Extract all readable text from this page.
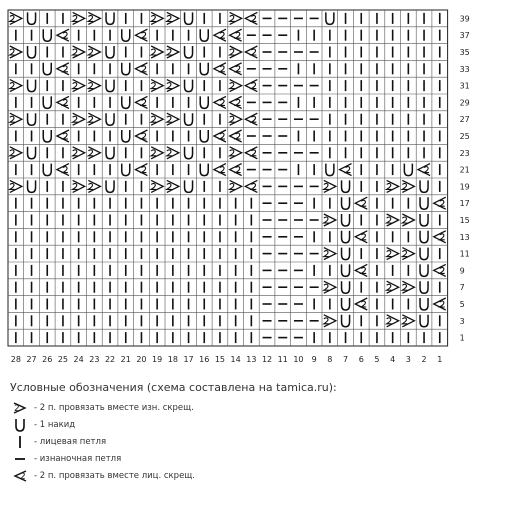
39
37
35
33
31
29
27
25
23
21
19
17
15
13
11
9
7
5
3
1
28 27 26 25 24 23 22 21 20 19 18 17 16 15 14 13 12 11 10 9 8 7 6 5 4 3 2 1
Условные обозначения (схема составлена на tamica.ru):
2 - 2 п. провязать вместе изн. скрещ.
- 1 накид
- лицевая петля
- изнаночная петля
2 - 2 п. провязать вместе лиц. скрещ.
